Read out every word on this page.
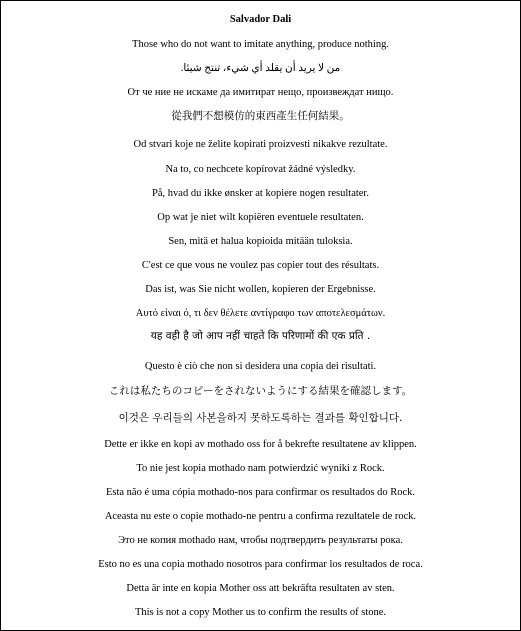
Salvador Dali
Those who do not want to imitate anything, produce nothing.
من لا يريد أن يقلد أي شيء، تنتج شيئا.
От че ние не искаме да имитират нещо, произвеждат нищо.
從我們不想模仿的東西產生任何結果。
Od stvari koje ne želite kopirati proizvesti nikakve rezultate.
Na to, co nechcete kopírovat žádné výsledky.
På, hvad du ikke ønsker at kopiere nogen resultater.
Op wat je niet wilt kopiëren eventuele resultaten.
Sen, mitä et halua kopioida mitään tuloksia.
C'est ce que vous ne voulez pas copier tout des résultats.
Das ist, was Sie nicht wollen, kopieren der Ergebnisse.
Αυτό είναι ό, τι δεν θέλετε αντίγραφο των αποτελεσμάτων.
यह वही है जो आप नहीं चाहते कि परिणामों की एक प्रति .
Questo è ciò che non si desidera una copia dei risultati.
これは私たちのコピーをされないようにする結果を確認します。
이것은 우리들의 사본을하지 못하도록하는 결과를 확인합니다.
Dette er ikke en kopi av mothado oss for å bekrefte resultatene av klippen.
To nie jest kopia mothado nam potwierdzić wyniki z Rock.
Esta não é uma cópia mothado-nos para confirmar os resultados do Rock.
Aceasta nu este o copie mothado-ne pentru a confirma rezultatele de rock.
Это не копия mothado нам, чтобы подтвердить результаты рока.
Esto no es una copia mothado nosotros para confirmar los resultados de roca.
Detta är inte en kopia Mother oss att bekräfta resultaten av sten.
This is not a copy Mother us to confirm the results of stone.
